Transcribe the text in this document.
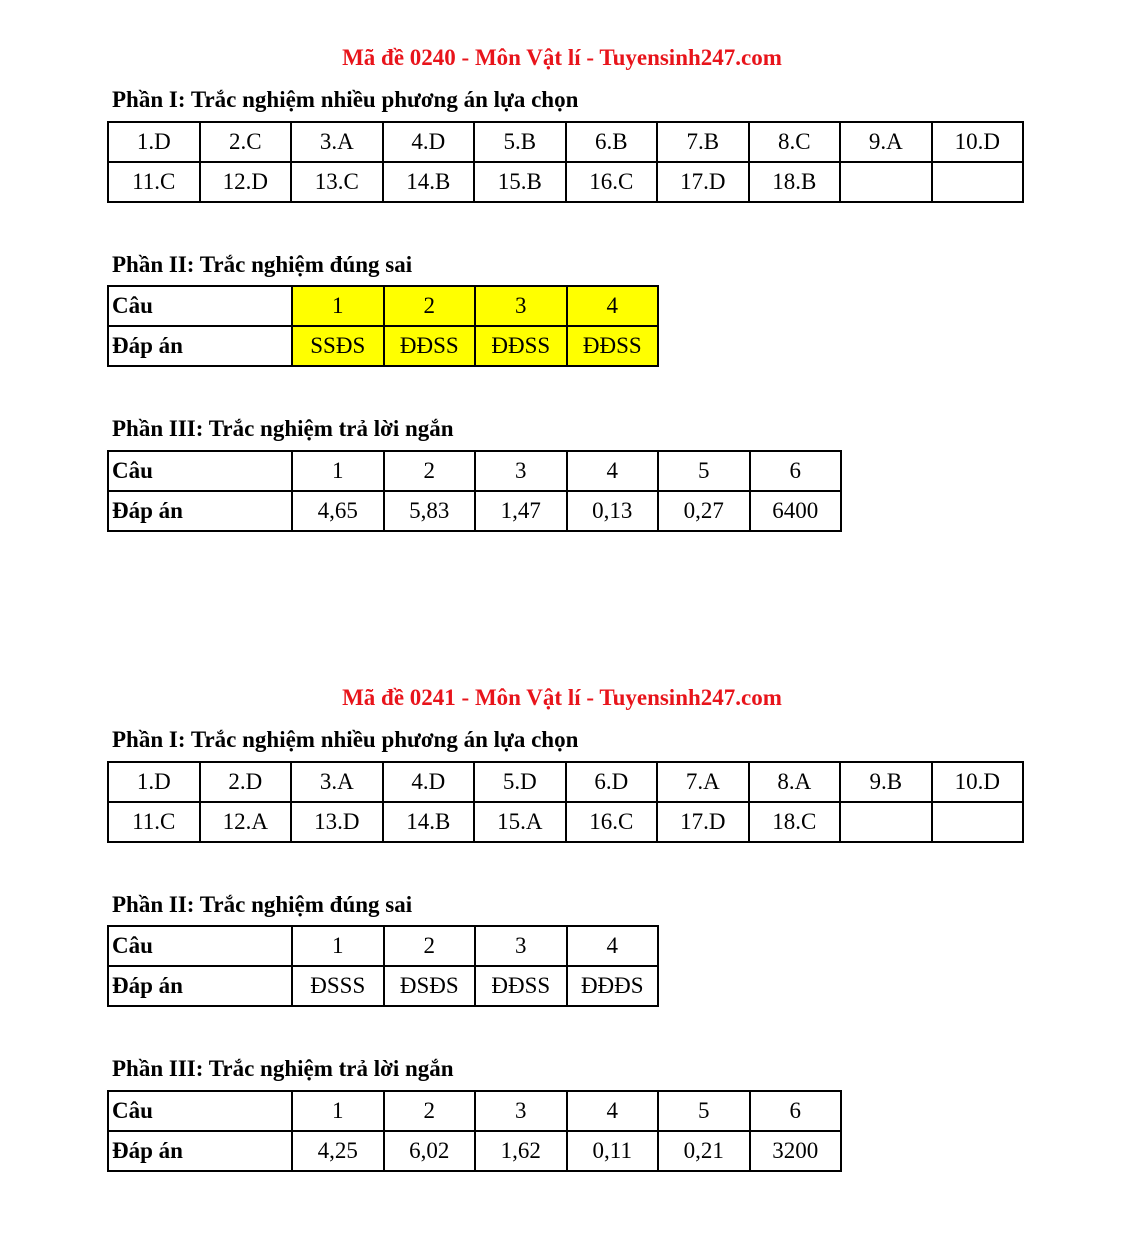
Mã đề 0240 - Môn Vật lí - Tuyensinh247.com
Phần I: Trắc nghiệm nhiều phương án lựa chọn
1.D	2.C	3.A	4.D	5.B	6.B	7.B	8.C	9.A	10.D
11.C	12.D	13.C	14.B	15.B	16.C	17.D	18.B		
Phần II: Trắc nghiệm đúng sai
Câu	1	2	3	4
Đáp án	SSĐS	ĐĐSS	ĐĐSS	ĐĐSS
Phần III: Trắc nghiệm trả lời ngắn
Câu	1	2	3	4	5	6
Đáp án	4,65	5,83	1,47	0,13	0,27	6400
Mã đề 0241 - Môn Vật lí - Tuyensinh247.com
Phần I: Trắc nghiệm nhiều phương án lựa chọn
1.D	2.D	3.A	4.D	5.D	6.D	7.A	8.A	9.B	10.D
11.C	12.A	13.D	14.B	15.A	16.C	17.D	18.C		
Phần II: Trắc nghiệm đúng sai
Câu	1	2	3	4
Đáp án	ĐSSS	ĐSĐS	ĐĐSS	ĐĐĐS
Phần III: Trắc nghiệm trả lời ngắn
Câu	1	2	3	4	5	6
Đáp án	4,25	6,02	1,62	0,11	0,21	3200
